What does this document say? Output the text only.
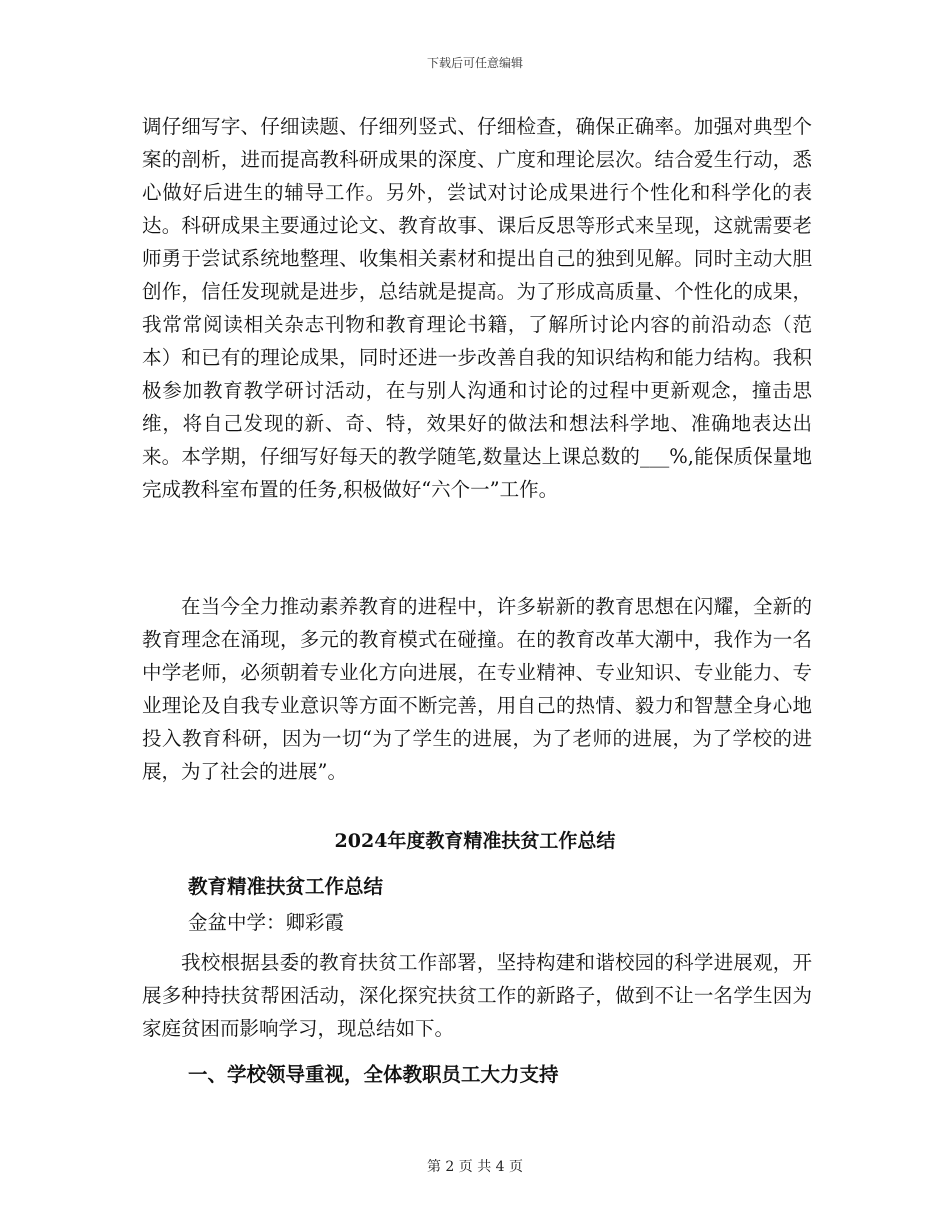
下载后可任意编辑

调仔细写字、仔细读题、仔细列竖式、仔细检查，确保正确率。加强对典型个案的剖析，进而提高教科研成果的深度、广度和理论层次。结合爱生行动，悉心做好后进生的辅导工作。另外，尝试对讨论成果进行个性化和科学化的表达。科研成果主要通过论文、教育故事、课后反思等形式来呈现，这就需要老师勇于尝试系统地整理、收集相关素材和提出自己的独到见解。同时主动大胆创作，信任发现就是进步，总结就是提高。为了形成高质量、个性化的成果，我常常阅读相关杂志刊物和教育理论书籍，了解所讨论内容的前沿动态（范本）和已有的理论成果，同时还进一步改善自我的知识结构和能力结构。我积极参加教育教学研讨活动，在与别人沟通和讨论的过程中更新观念，撞击思维，将自己发现的新、奇、特，效果好的做法和想法科学地、准确地表达出来。本学期，仔细写好每天的教学随笔,数量达上课总数的___%,能保质保量地完成教科室布置的任务,积极做好“六个一”工作。

在当今全力推动素养教育的进程中，许多崭新的教育思想在闪耀，全新的教育理念在涌现，多元的教育模式在碰撞。在的教育改革大潮中，我作为一名中学老师，必须朝着专业化方向进展，在专业精神、专业知识、专业能力、专业理论及自我专业意识等方面不断完善，用自己的热情、毅力和智慧全身心地投入教育科研，因为一切“为了学生的进展，为了老师的进展，为了学校的进展，为了社会的进展”。

2024年度教育精准扶贫工作总结
教育精准扶贫工作总结
金盆中学：卿彩霞
我校根据县委的教育扶贫工作部署，坚持构建和谐校园的科学进展观，开展多种持扶贫帮困活动，深化探究扶贫工作的新路子，做到不让一名学生因为家庭贫困而影响学习，现总结如下。
一、学校领导重视，全体教职员工大力支持
第 2 页 共 4 页
